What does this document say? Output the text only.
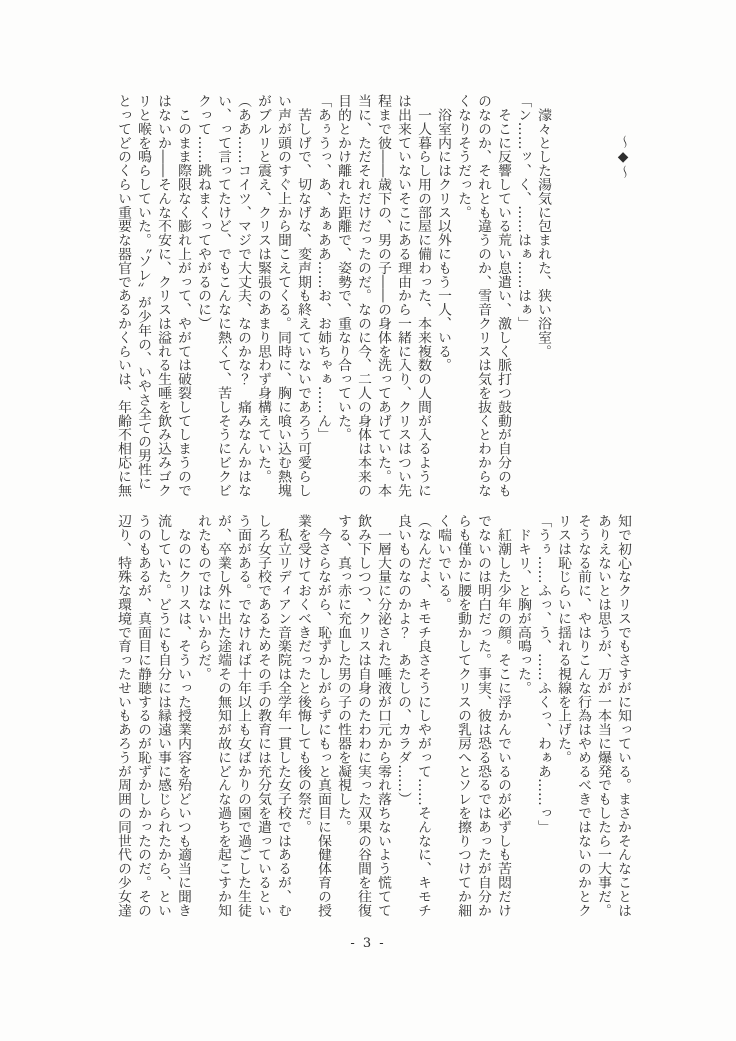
〜◆〜
　濛々とした湯気に包まれた、狭い浴室。
「ン……ッ、く、……はぁ……はぁ」
　そこに反響している荒い息遣い、激しく脈打つ鼓動が自分のも
のなのか、それとも違うのか、雪音クリスは気を抜くとわからな
くなりそうだった。
　浴室内にはクリス以外にもう一人、いる。
　一人暮らし用の部屋に備わった、本来複数の人間が入るように
は出来ていないそこにある理由から一緒に入り、クリスはつい先
程まで彼――歳下の、男の子――の身体を洗ってあげていた。本
当に、ただそれだけだったのだ。なのに今、二人の身体は本来の
目的とかけ離れた距離で、姿勢で、重なり合っていた。
「あぅうっ、あ、あぁああ……お、お姉ちゃぁ……ん」
　苦しげで、切なげな、変声期も終えていないであろう可愛らし
い声が頭のすぐ上から聞こえてくる。同時に、胸に喰い込む熱塊
がブルリと震え、クリスは緊張のあまり思わず身構えていた。
（ああ……コイツ、マジで大丈夫、なのかな？　痛みなんかはな
い、って言ってたけど、でもこんなに熱くて、苦しそうにビクビ
クって……跳ねまくってやがるのに）
　このまま際限なく膨れ上がって、やがては破裂してしまうので
はないか――そんな不安に、クリスは溢れる生唾を飲み込みゴク
リと喉を鳴らしていた。〝ソレ〟が少年の、いやさ全ての男性に
とってどのくらい重要な器官であるかくらいは、年齢不相応に無
知で初心なクリスでもさすがに知っている。まさかそんなことは
ありえないとは思うが、万が一本当に爆発でもしたら一大事だ。
そうなる前に、やはりこんな行為はやめるべきではないのかとク
リスは恥じらいに揺れる視線を上げた。
「うぅ……ふっ、う、……ふくっ、わぁあ……っ」
　ドキリ、と胸が高鳴った。
　紅潮した少年の顔。そこに浮かんでいるのが必ずしも苦悶だけ
でないのは明白だった。事実、彼は恐る恐るではあったが自分か
らも僅かに腰を動かしてクリスの乳房へとソレを擦りつけてか細
く喘いでいる。
（なんだよ、キモチ良さそうにしやがって……そんなに、キモチ
良いものなのかよ？　あたしの、カラダ……）
　一層大量に分泌された唾液が口元から零れ落ちないよう慌てて
飲み下しつつ、クリスは自身のたわわに実った双果の谷間を往復
する、真っ赤に充血した男の子の性器を凝視した。
　今さらながら、恥ずかしがらずにもっと真面目に保健体育の授
業を受けておくべきだったと後悔しても後の祭だ。
　私立リディアン音楽院は全学年一貫した女子校ではあるが、む
しろ女子校であるためその手の教育には充分気を遣っているとい
う面がある。でなければ十年以上も女ばかりの園で過ごした生徒
が、卒業し外に出た途端その無知が故にどんな過ちを起こすか知
れたものではないからだ。
　なのにクリスは、そういった授業内容を殆どいつも適当に聞き
流していた。どうにも自分には縁遠い事に感じられたから、とい
うのもあるが、真面目に静聴するのが恥ずかしかったのだ。その
辺り、特殊な環境で育ったせいもあろうが周囲の同世代の少女達
- 3 -
